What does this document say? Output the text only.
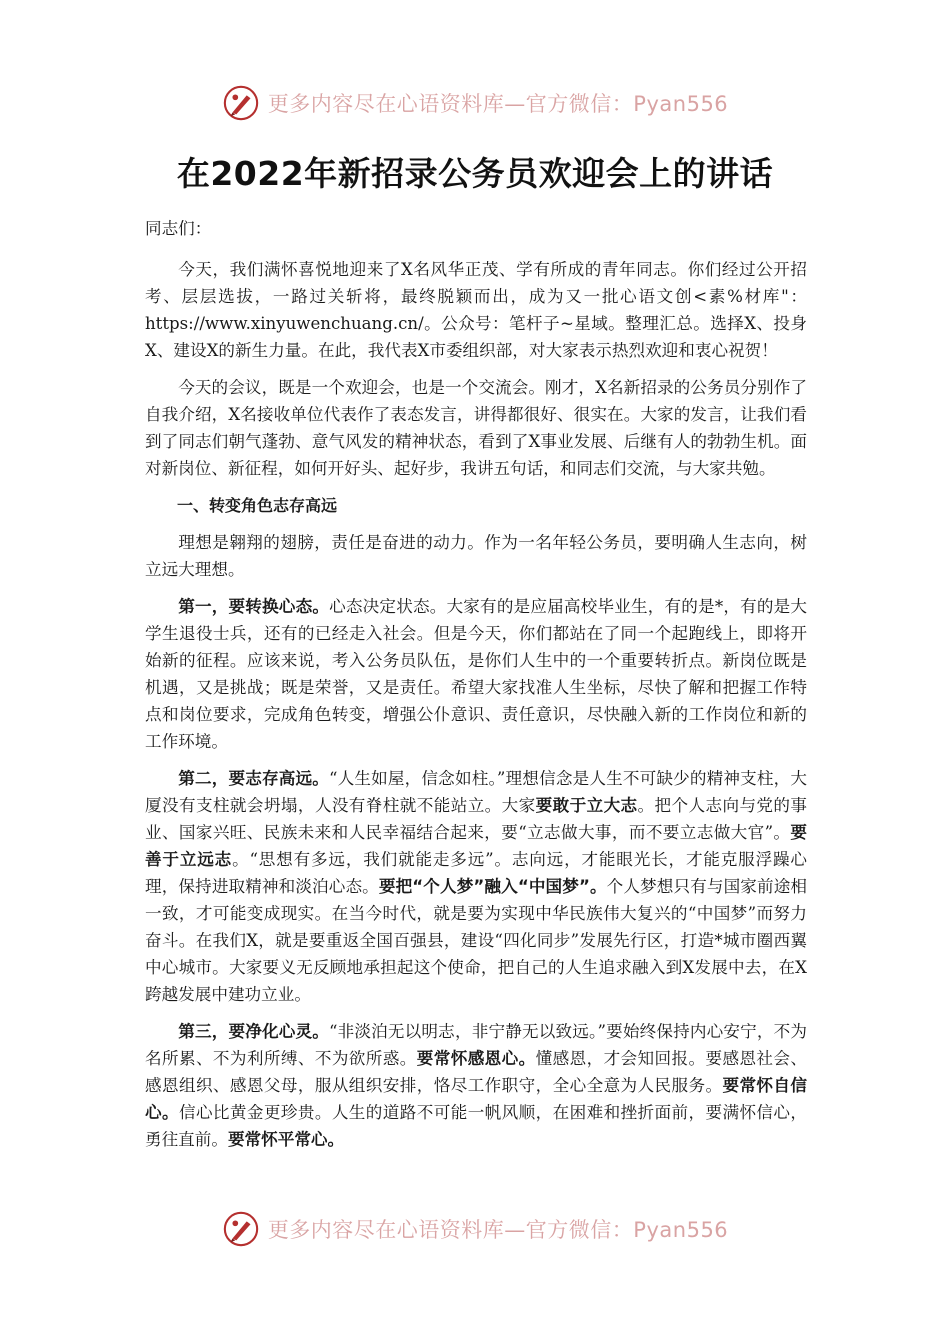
更多内容尽在心语资料库—官方微信：Pyan556
在2022年新招录公务员欢迎会上的讲话

同志们：

今天，我们满怀喜悦地迎来了X名风华正茂、学有所成的青年同志。你们经过公开招考、层层选拔，一路过关斩将，最终脱颖而出，成为又一批心语文创<素%材库"：https://www.xinyuwenchuang.cn/。公众号：笔杆子~星域。整理汇总。选择X、投身X、建设X的新生力量。在此，我代表X市委组织部，对大家表示热烈欢迎和衷心祝贺！

今天的会议，既是一个欢迎会，也是一个交流会。刚才，X名新招录的公务员分别作了自我介绍，X名接收单位代表作了表态发言，讲得都很好、很实在。大家的发言，让我们看到了同志们朝气蓬勃、意气风发的精神状态，看到了X事业发展、后继有人的勃勃生机。面对新岗位、新征程，如何开好头、起好步，我讲五句话，和同志们交流，与大家共勉。

一、转变角色志存高远

理想是翱翔的翅膀，责任是奋进的动力。作为一名年轻公务员，要明确人生志向，树立远大理想。

第一，要转换心态。心态决定状态。大家有的是应届高校毕业生，有的是*，有的是大学生退役士兵，还有的已经走入社会。但是今天，你们都站在了同一个起跑线上，即将开始新的征程。应该来说，考入公务员队伍，是你们人生中的一个重要转折点。新岗位既是机遇，又是挑战；既是荣誉，又是责任。希望大家找准人生坐标，尽快了解和把握工作特点和岗位要求，完成角色转变，增强公仆意识、责任意识，尽快融入新的工作岗位和新的工作环境。

第二，要志存高远。“人生如屋，信念如柱。”理想信念是人生不可缺少的精神支柱，大厦没有支柱就会坍塌，人没有脊柱就不能站立。大家要敢于立大志。把个人志向与党的事业、国家兴旺、民族未来和人民幸福结合起来，要“立志做大事，而不要立志做大官”。要善于立远志。“思想有多远，我们就能走多远”。志向远，才能眼光长，才能克服浮躁心理，保持进取精神和淡泊心态。要把“个人梦”融入“中国梦”。个人梦想只有与国家前途相一致，才可能变成现实。在当今时代，就是要为实现中华民族伟大复兴的“中国梦”而努力奋斗。在我们X，就是要重返全国百强县，建设“四化同步”发展先行区，打造*城市圈西翼中心城市。大家要义无反顾地承担起这个使命，把自己的人生追求融入到X发展中去，在X跨越发展中建功立业。

第三，要净化心灵。“非淡泊无以明志，非宁静无以致远。”要始终保持内心安宁，不为名所累、不为利所缚、不为欲所惑。要常怀感恩心。懂感恩，才会知回报。要感恩社会、感恩组织、感恩父母，服从组织安排，恪尽工作职守，全心全意为人民服务。要常怀自信心。信心比黄金更珍贵。人生的道路不可能一帆风顺，在困难和挫折面前，要满怀信心，勇往直前。要常怀平常心。

更多内容尽在心语资料库—官方微信：Pyan556
